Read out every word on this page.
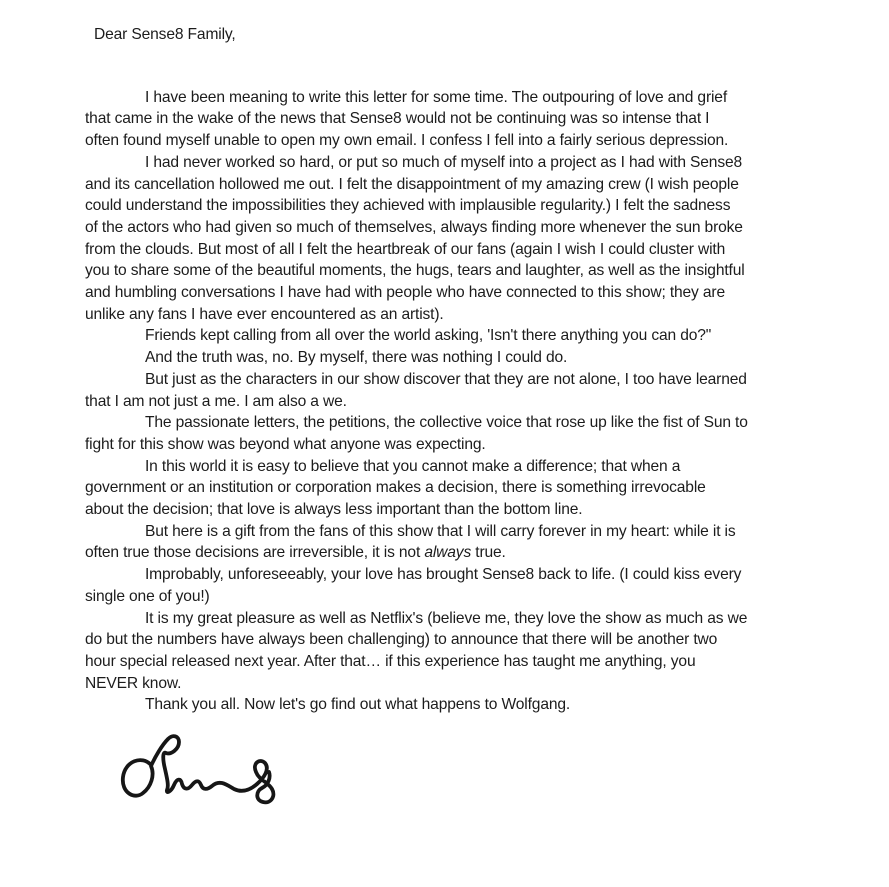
Dear Sense8 Family,
I have been meaning to write this letter for some time. The outpouring of love and grief
that came in the wake of the news that Sense8 would not be continuing was so intense that I
often found myself unable to open my own email. I confess I fell into a fairly serious depression.
I had never worked so hard, or put so much of myself into a project as I had with Sense8
and its cancellation hollowed me out. I felt the disappointment of my amazing crew (I wish people
could understand the impossibilities they achieved with implausible regularity.) I felt the sadness
of the actors who had given so much of themselves, always finding more whenever the sun broke
from the clouds. But most of all I felt the heartbreak of our fans (again I wish I could cluster with
you to share some of the beautiful moments, the hugs, tears and laughter, as well as the insightful
and humbling conversations I have had with people who have connected to this show; they are
unlike any fans I have ever encountered as an artist).
Friends kept calling from all over the world asking, 'Isn't there anything you can do?"
And the truth was, no. By myself, there was nothing I could do.
But just as the characters in our show discover that they are not alone, I too have learned
that I am not just a me. I am also a we.
The passionate letters, the petitions, the collective voice that rose up like the fist of Sun to
fight for this show was beyond what anyone was expecting.
In this world it is easy to believe that you cannot make a difference; that when a
government or an institution or corporation makes a decision, there is something irrevocable
about the decision; that love is always less important than the bottom line.
But here is a gift from the fans of this show that I will carry forever in my heart: while it is
often true those decisions are irreversible, it is not always true.
Improbably, unforeseeably, your love has brought Sense8 back to life. (I could kiss every
single one of you!)
It is my great pleasure as well as Netflix's (believe me, they love the show as much as we
do but the numbers have always been challenging) to announce that there will be another two
hour special released next year. After that… if this experience has taught me anything, you
NEVER know.
Thank you all. Now let's go find out what happens to Wolfgang.
